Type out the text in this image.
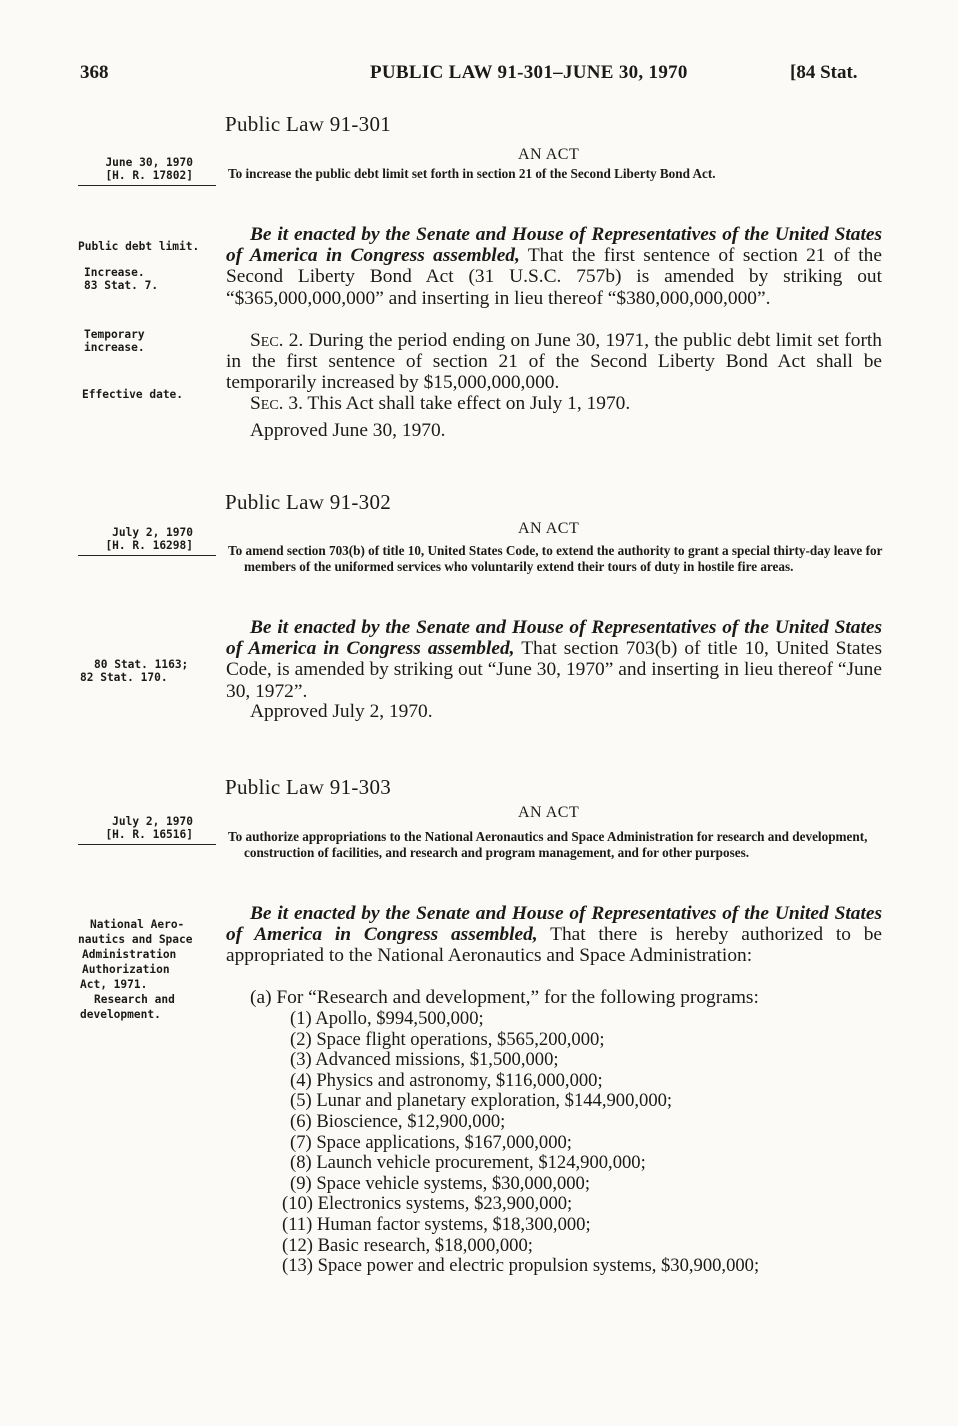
368	PUBLIC LAW 91-301–JUNE 30, 1970	[84 Stat.
Public Law 91-301
AN ACT
June 30, 1970
[H. R. 17802]	To increase the public debt limit set forth in section 21 of the Second Liberty Bond Act.
Public debt limit.
Increase.
83 Stat. 7.
Temporary increase.
Effective date.
Be it enacted by the Senate and House of Representatives of the United States of America in Congress assembled, That the first sentence of section 21 of the Second Liberty Bond Act (31 U.S.C. 757b) is amended by striking out “$365,000,000,000” and inserting in lieu thereof “$380,000,000,000”.
Sec. 2. During the period ending on June 30, 1971, the public debt limit set forth in the first sentence of section 21 of the Second Liberty Bond Act shall be temporarily increased by $15,000,000,000.
Sec. 3. This Act shall take effect on July 1, 1970.
Approved June 30, 1970.
Public Law 91-302
AN ACT
July 2, 1970
[H. R. 16298]	To amend section 703(b) of title 10, United States Code, to extend the authority to grant a special thirty-day leave for members of the uniformed services who voluntarily extend their tours of duty in hostile fire areas.
80 Stat. 1163;
82 Stat. 170.
Be it enacted by the Senate and House of Representatives of the United States of America in Congress assembled, That section 703(b) of title 10, United States Code, is amended by striking out “June 30, 1970” and inserting in lieu thereof “June 30, 1972”.
Approved July 2, 1970.
Public Law 91-303
AN ACT
July 2, 1970
[H. R. 16516]	To authorize appropriations to the National Aeronautics and Space Administration for research and development, construction of facilities, and research and program management, and for other purposes.
National Aero-
nautics and Space
Administration
Authorization
Act, 1971.
Research and
development.
Be it enacted by the Senate and House of Representatives of the United States of America in Congress assembled, That there is hereby authorized to be appropriated to the National Aeronautics and Space Administration:
(a) For “Research and development,” for the following programs:
(1) Apollo, $994,500,000;
(2) Space flight operations, $565,200,000;
(3) Advanced missions, $1,500,000;
(4) Physics and astronomy, $116,000,000;
(5) Lunar and planetary exploration, $144,900,000;
(6) Bioscience, $12,900,000;
(7) Space applications, $167,000,000;
(8) Launch vehicle procurement, $124,900,000;
(9) Space vehicle systems, $30,000,000;
(10) Electronics systems, $23,900,000;
(11) Human factor systems, $18,300,000;
(12) Basic research, $18,000,000;
(13) Space power and electric propulsion systems, $30,900,000;
